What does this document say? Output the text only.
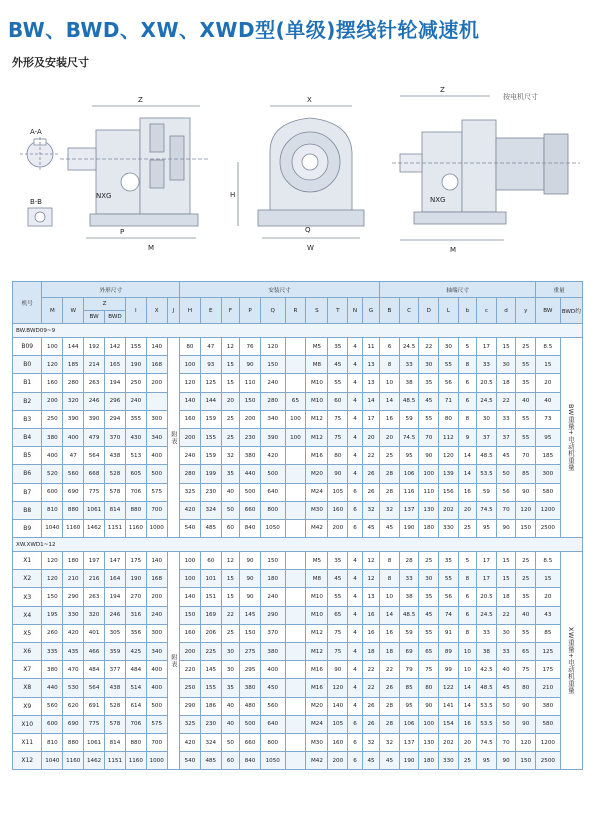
BW、BWD、XW、XWD型(单级)摆线针轮减速机
外形及安装尺寸
A-A
B-B
Z
M
P
NXG
X
W
Q
H
Z
按电机尺寸
M
NXG
机号	外形尺寸							安装尺寸										轴端尺寸								重量	
	M	W	Z		I	X	J	H	E	F	P	Q	R	S	T	N	G	B	C	D	L	b	c	d	y	BW	BWD约
			BW	BWD																							
BW.BWD09~9																											
B09	100	144	192	142	155	140	附表	80	47	12	76	120		M5	35	4	11	6	24.5	22	30	5	17	15	25	8.5	BW重量+电动机重量
B0	120	185	214	165	190	168		100	93	15	90	150		M8	45	4	13	8	33	30	55	8	33	30	55	15	
B1	160	280	263	194	250	200		120	125	15	110	240		M10	55	4	13	10	38	35	56	6	20.5	18	35	20	
B2	200	320	246	296	240			140	144	20	150	280	65	M10	60	4	14	14	48.5	45	71	6	24.5	22	40	40	
B3	250	390	390	294	355	300		160	159	25	200	340	100	M12	75	4	17	16	59	55	80	8	30	33	55	73	
B4	380	400	479	370	430	340		200	155	25	230	390	100	M12	75	4	20	20	74.5	70	112	9	37	37	55	95	
B5	400	47	564	438	513	400		240	159	32	380	420		M16	80	4	22	25	95	90	120	14	48.5	45	70	185	
B6	520	560	668	528	605	500		280	199	35	440	500		M20	90	4	26	28	106	100	139	14	53.5	50	85	300	
B7	600	690	775	578	706	575		325	230	40	500	640		M24	105	6	26	28	116	110	156	16	59	56	90	580	
B8	810	880	1061	814	880	700		420	324	50	660	800		M30	160	6	32	32	137	130	202	20	74.5	70	120	1200	
B9	1040	1160	1462	1151	1160	1000		540	485	60	840	1050		M42	200	6	45	45	190	180	330	25	95	90	150	2500	
XW.XWD1~12																											
X1	120	180	197	147	175	140	附表	100	60	12	90	150		M5	35	4	12	8	28	25	35	5	17	15	25	8.5	XW重量+电动机重量
X2	120	210	216	164	190	168		100	101	15	90	180		M8	45	4	12	8	33	30	55	8	17	15	25	15	
X3	150	290	263	194	270	200		140	151	15	90	240		M10	55	4	13	10	38	35	56	6	20.5	18	35	20	
X4	195	330	320	246	316	240		150	169	22	145	290		M10	65	4	16	14	48.5	45	74	6	24.5	22	40	43	
X5	260	420	401	305	356	300		160	206	25	150	370		M12	75	4	16	16	59	55	91	8	33	30	55	85	
X6	335	435	466	359	425	340		200	225	30	275	380		M12	75	4	18	18	69	65	89	10	38	33	65	125	
X7	380	470	484	377	484	400		220	145	30	295	400		M16	90	4	22	22	79	75	99	10	42.5	40	75	175	
X8	440	530	564	438	514	400		250	155	35	380	450		M16	120	4	22	26	85	80	122	14	48.5	45	80	210	
X9	560	620	691	528	614	500		290	186	40	480	560		M20	140	4	26	28	95	90	141	14	53.5	50	90	380	
X10	600	690	775	578	706	575		325	230	40	500	640		M24	105	6	26	28	106	100	154	16	53.5	50	90	580	
X11	810	880	1061	814	880	700		420	324	50	660	800		M30	160	6	32	32	137	130	202	20	74.5	70	120	1200	
X12	1040	1160	1462	1151	1160	1000		540	485	60	840	1050		M42	200	6	45	45	190	180	330	25	95	90	150	2500	
